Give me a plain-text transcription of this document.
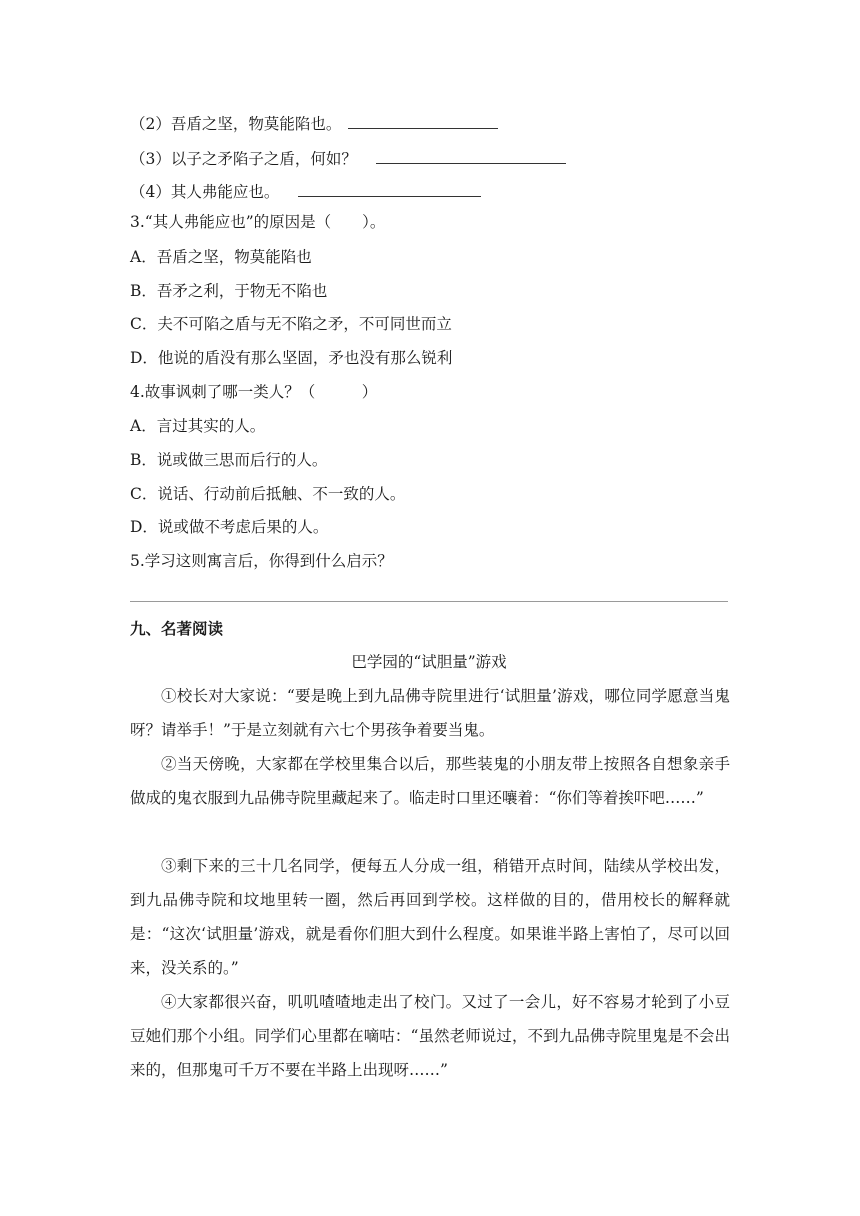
（2）吾盾之坚，物莫能陷也。
（3）以子之矛陷子之盾，何如？
（4）其人弗能应也。
3.“其人弗能应也”的原因是（　　）。
A．吾盾之坚，物莫能陷也
B．吾矛之利，于物无不陷也
C．夫不可陷之盾与无不陷之矛，不可同世而立
D．他说的盾没有那么坚固，矛也没有那么锐利
4.故事讽刺了哪一类人？（　　　）
A．言过其实的人。
B．说或做三思而后行的人。
C．说话、行动前后抵触、不一致的人。
D．说或做不考虑后果的人。
5.学习这则寓言后，你得到什么启示？
九、名著阅读
巴学园的“试胆量”游戏

①校长对大家说：“要是晚上到九品佛寺院里进行‘试胆量’游戏，哪位同学愿意当鬼呀？请举手！”于是立刻就有六七个男孩争着要当鬼。

②当天傍晚，大家都在学校里集合以后，那些装鬼的小朋友带上按照各自想象亲手做成的鬼衣服到九品佛寺院里藏起来了。临走时口里还嚷着：“你们等着挨吓吧……”

③剩下来的三十几名同学，便每五人分成一组，稍错开点时间，陆续从学校出发，到九品佛寺院和坟地里转一圈，然后再回到学校。这样做的目的，借用校长的解释就是：“这次‘试胆量’游戏，就是看你们胆大到什么程度。如果谁半路上害怕了，尽可以回来，没关系的。”

④大家都很兴奋，叽叽喳喳地走出了校门。又过了一会儿，好不容易才轮到了小豆豆她们那个小组。同学们心里都在嘀咕：“虽然老师说过，不到九品佛寺院里鬼是不会出来的，但那鬼可千万不要在半路上出现呀……”
